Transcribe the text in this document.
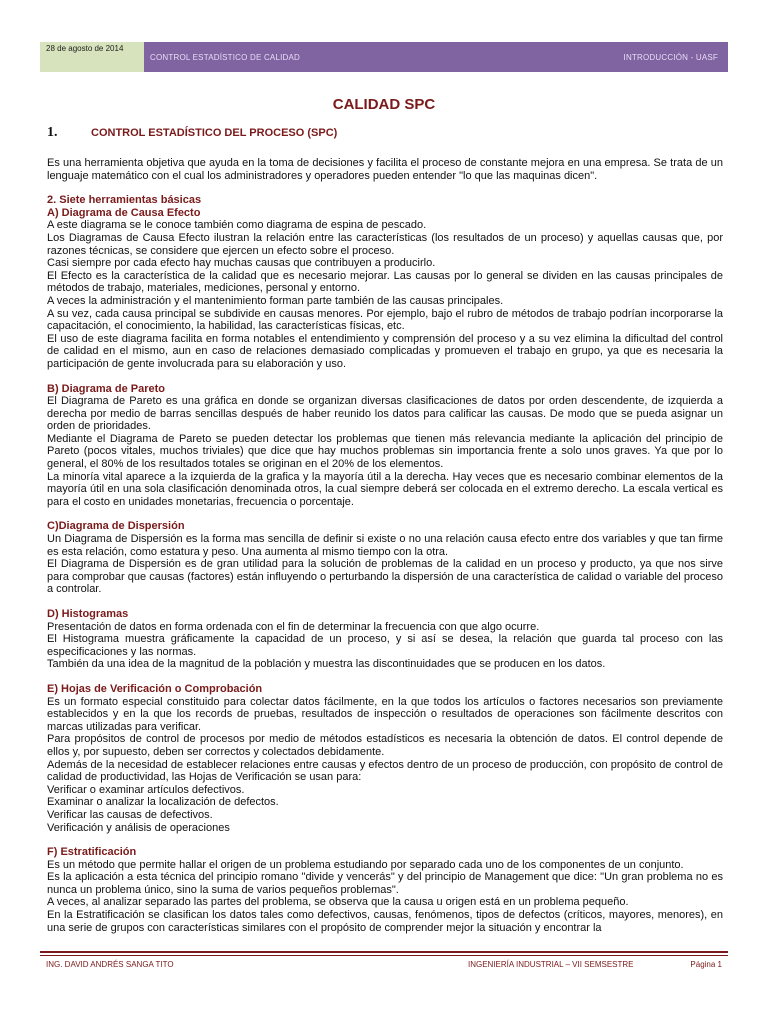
28 de agosto de 2014
CONTROL ESTADÍSTICO DE CALIDAD	INTRODUCCIÓN - UASF
CALIDAD SPC
1.	CONTROL ESTADÍSTICO DEL PROCESO (SPC)

Es una herramienta objetiva que ayuda en la toma de decisiones y facilita el proceso de constante mejora en una empresa. Se trata de un lenguaje matemático con el cual los administradores y operadores pueden entender "lo que las maquinas dicen".

2. Siete herramientas básicas

A) Diagrama de Causa Efecto

A este diagrama se le conoce también como diagrama de espina de pescado.

Los Diagramas de Causa Efecto ilustran la relación entre las características (los resultados de un proceso) y aquellas causas que, por razones técnicas, se considere que ejercen un efecto sobre el proceso.

Casi siempre por cada efecto hay muchas causas que contribuyen a producirlo.

El Efecto es la característica de la calidad que es necesario mejorar. Las causas por lo general se dividen en las causas principales de métodos de trabajo, materiales, mediciones, personal y entorno.

A veces la administración y el mantenimiento forman parte también de las causas principales.

A su vez, cada causa principal se subdivide en causas menores. Por ejemplo, bajo el rubro de métodos de trabajo podrían incorporarse la capacitación, el conocimiento, la habilidad, las características físicas, etc.

El uso de este diagrama facilita en forma notables el entendimiento y comprensión del proceso y a su vez elimina la dificultad del control de calidad en el mismo, aun en caso de relaciones demasiado complicadas y promueven el trabajo en grupo, ya que es necesaria la participación de gente involucrada para su elaboración y uso.

B) Diagrama de Pareto

El Diagrama de Pareto es una gráfica en donde se organizan diversas clasificaciones de datos por orden descendente, de izquierda a derecha por medio de barras sencillas después de haber reunido los datos para calificar las causas. De modo que se pueda asignar un orden de prioridades.

Mediante el Diagrama de Pareto se pueden detectar los problemas que tienen más relevancia mediante la aplicación del principio de Pareto (pocos vitales, muchos triviales) que dice que hay muchos problemas sin importancia frente a solo unos graves. Ya que por lo general, el 80% de los resultados totales se originan en el 20% de los elementos.

La minoría vital aparece a la izquierda de la grafica y la mayoría útil a la derecha. Hay veces que es necesario combinar elementos de la mayoría útil en una sola clasificación denominada otros, la cual siempre deberá ser colocada en el extremo derecho. La escala vertical es para el costo en unidades monetarias, frecuencia o porcentaje.

C)Diagrama de Dispersión

Un Diagrama de Dispersión es la forma mas sencilla de definir si existe o no una relación causa efecto entre dos variables y que tan firme es esta relación, como estatura y peso. Una aumenta al mismo tiempo con la otra.

El Diagrama de Dispersión es de gran utilidad para la solución de problemas de la calidad en un proceso y producto, ya que nos sirve para comprobar que causas (factores) están influyendo o perturbando la dispersión de una característica de calidad o variable del proceso a controlar.

D) Histogramas

Presentación de datos en forma ordenada con el fin de determinar la frecuencia con que algo ocurre.

El Histograma muestra gráficamente la capacidad de un proceso, y si así se desea, la relación que guarda tal proceso con las especificaciones y las normas.

También da una idea de la magnitud de la población y muestra las discontinuidades que se producen en los datos.

E) Hojas de Verificación o Comprobación

Es un formato especial constituido para colectar datos fácilmente, en la que todos los artículos o factores necesarios son previamente establecidos y en la que los records de pruebas, resultados de inspección o resultados de operaciones son fácilmente descritos con marcas utilizadas para verificar.

Para propósitos de control de procesos por medio de métodos estadísticos es necesaria la obtención de datos. El control depende de ellos y, por supuesto, deben ser correctos y colectados debidamente.

Además de la necesidad de establecer relaciones entre causas y efectos dentro de un proceso de producción, con propósito de control de calidad de productividad, las Hojas de Verificación se usan para:

Verificar o examinar artículos defectivos.

Examinar o analizar la localización de defectos.

Verificar las causas de defectivos.

Verificación y análisis de operaciones

F) Estratificación

Es un método que permite hallar el origen de un problema estudiando por separado cada uno de los componentes de un conjunto.

Es la aplicación a esta técnica del principio romano "divide y vencerás" y del principio de Management que dice: "Un gran problema no es nunca un problema único, sino la suma de varios pequeños problemas".

A veces, al analizar separado las partes del problema, se observa que la causa u origen está en un problema pequeño.

En la Estratificación se clasifican los datos tales como defectivos, causas, fenómenos, tipos de defectos (críticos, mayores, menores), en una serie de grupos con características similares con el propósito de comprender mejor la situación y encontrar la

ING. DAVID ANDRÉS SANGA TITO	INGENIERÍA INDUSTRIAL – VII SEMSESTRE	Página 1
